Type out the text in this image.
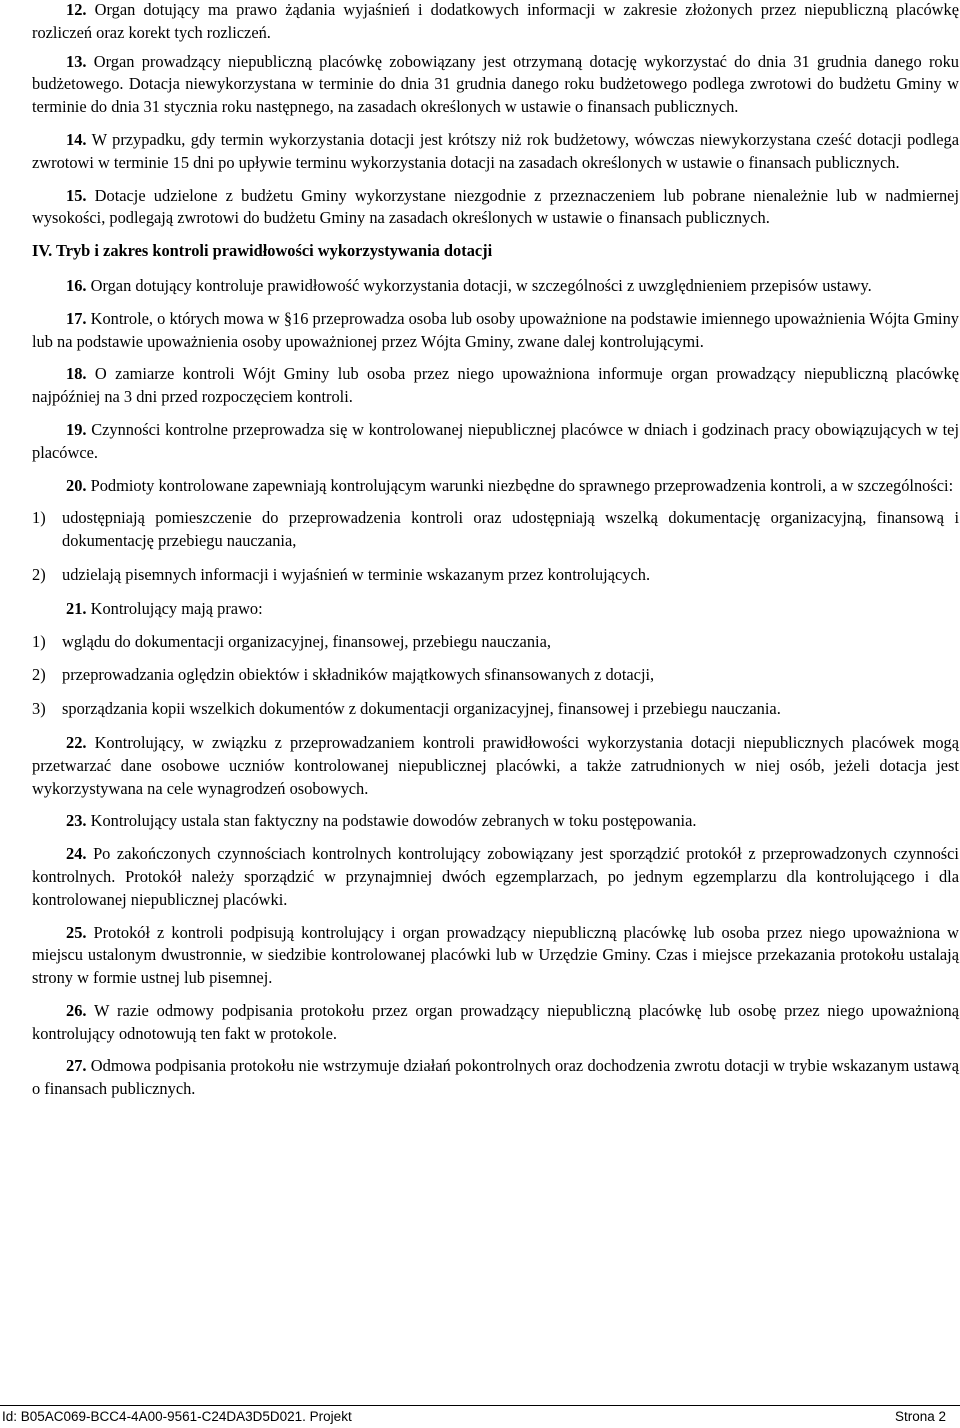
12. Organ dotujący ma prawo żądania wyjaśnień i dodatkowych informacji w zakresie złożonych przez niepubliczną placówkę rozliczeń oraz korekt tych rozliczeń.

13. Organ prowadzący niepubliczną placówkę zobowiązany jest otrzymaną dotację wykorzystać do dnia 31 grudnia danego roku budżetowego. Dotacja niewykorzystana w terminie do dnia 31 grudnia danego roku budżetowego podlega zwrotowi do budżetu Gminy w terminie do dnia 31 stycznia roku następnego, na zasadach określonych w ustawie o finansach publicznych.

14. W przypadku, gdy termin wykorzystania dotacji jest krótszy niż rok budżetowy, wówczas niewykorzystana cześć dotacji podlega zwrotowi w terminie 15 dni po upływie terminu wykorzystania dotacji na zasadach określonych w ustawie o finansach publicznych.

15. Dotacje udzielone z budżetu Gminy wykorzystane niezgodnie z przeznaczeniem lub pobrane nienależnie lub w nadmiernej wysokości, podlegają zwrotowi do budżetu Gminy na zasadach określonych w ustawie o finansach publicznych.

IV. Tryb i zakres kontroli prawidłowości wykorzystywania dotacji

16. Organ dotujący kontroluje prawidłowość wykorzystania dotacji, w szczególności z uwzględnieniem przepisów ustawy.

17. Kontrole, o których mowa w §16 przeprowadza osoba lub osoby upoważnione na podstawie imiennego upoważnienia Wójta Gminy lub na podstawie upoważnienia osoby upoważnionej przez Wójta Gminy, zwane dalej kontrolującymi.

18. O zamiarze kontroli Wójt Gminy lub osoba przez niego upoważniona informuje organ prowadzący niepubliczną placówkę najpóźniej na 3 dni przed rozpoczęciem kontroli.

19. Czynności kontrolne przeprowadza się w kontrolowanej niepublicznej placówce w dniach i godzinach pracy obowiązujących w tej placówce.

20. Podmioty kontrolowane zapewniają kontrolującym warunki niezbędne do sprawnego przeprowadzenia kontroli, a w szczególności:

1) udostępniają pomieszczenie do przeprowadzenia kontroli oraz udostępniają wszelką dokumentację organizacyjną, finansową i dokumentację przebiegu nauczania,
2) udzielają pisemnych informacji i wyjaśnień w terminie wskazanym przez kontrolujących.

21. Kontrolujący mają prawo:

1) wglądu do dokumentacji organizacyjnej, finansowej, przebiegu nauczania,
2) przeprowadzania oględzin obiektów i składników majątkowych sfinansowanych z dotacji,
3) sporządzania kopii wszelkich dokumentów z dokumentacji organizacyjnej, finansowej i przebiegu nauczania.

22. Kontrolujący, w związku z przeprowadzaniem kontroli prawidłowości wykorzystania dotacji niepublicznych placówek mogą przetwarzać dane osobowe uczniów kontrolowanej niepublicznej placówki, a także zatrudnionych w niej osób, jeżeli dotacja jest wykorzystywana na cele wynagrodzeń osobowych.

23. Kontrolujący ustala stan faktyczny na podstawie dowodów zebranych w toku postępowania.

24. Po zakończonych czynnościach kontrolnych kontrolujący zobowiązany jest sporządzić protokół z przeprowadzonych czynności kontrolnych. Protokół należy sporządzić w przynajmniej dwóch egzemplarzach, po jednym egzemplarzu dla kontrolującego i dla kontrolowanej niepublicznej placówki.

25. Protokół z kontroli podpisują kontrolujący i organ prowadzący niepubliczną placówkę lub osoba przez niego upoważniona w miejscu ustalonym dwustronnie, w siedzibie kontrolowanej placówki lub w Urzędzie Gminy. Czas i miejsce przekazania protokołu ustalają strony w formie ustnej lub pisemnej.

26. W razie odmowy podpisania protokołu przez organ prowadzący niepubliczną placówkę lub osobę przez niego upoważnioną kontrolujący odnotowują ten fakt w protokole.

27. Odmowa podpisania protokołu nie wstrzymuje działań pokontrolnych oraz dochodzenia zwrotu dotacji w trybie wskazanym ustawą o finansach publicznych.

Id: B05AC069-BCC4-4A00-9561-C24DA3D5D021. Projekt	Strona 2
